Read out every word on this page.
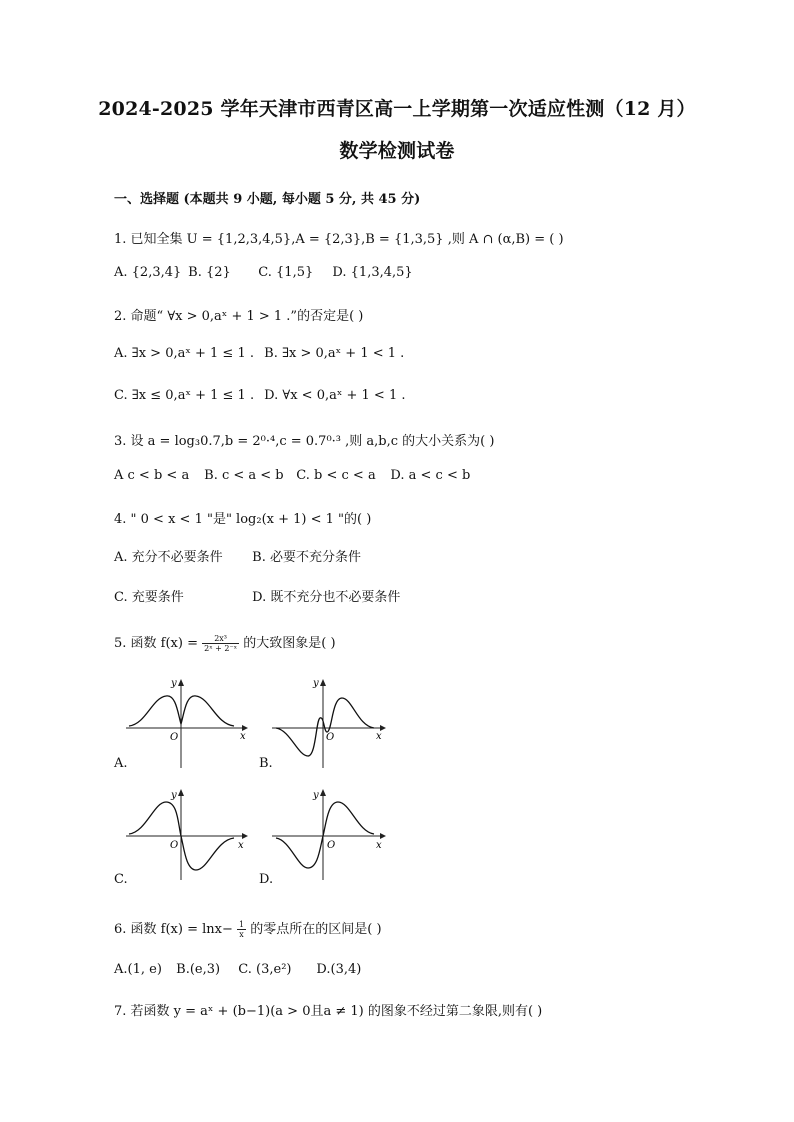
2024-2025 学年天津市西青区高一上学期第一次适应性测（12 月）
数学检测试卷
一、选择题 (本题共 9 小题, 每小题 5 分, 共 45 分)
1. 已知全集 U = {1,2,3,4,5},A = {2,3},B = {1,3,5} ,则 A ∩ (α,B) = ( )
A. {2,3,4} B. {2} C. {1,5} D. {1,3,4,5}
2. 命题“ ∀x > 0,aˣ + 1 > 1 .”的否定是( )
A. ∃x > 0,aˣ + 1 ≤ 1 . B. ∃x > 0,aˣ + 1 < 1 .
C. ∃x ≤ 0,aˣ + 1 ≤ 1 . D. ∀x < 0,aˣ + 1 < 1 .
3. 设 a = log₃0.7,b = 2⁰·⁴,c = 0.7⁰·³ ,则 a,b,c 的大小关系为( )
A c < b < a B. c < a < b C. b < c < a D. a < c < b
4. " 0 < x < 1 "是" log₂(x + 1) < 1 "的( )
A. 充分不必要条件 B. 必要不充分条件
C. 充要条件	D. 既不充分也不必要条件
5. 函数 $f(x) = \frac{\text{2x³}}{\text{2ˣ + 2⁻ˣ}}$ 的大致图象是( )
y
O	x
A.
y
O	x
B.
y
O	x
C.
y
O	x
D.
6. 函数 $f(x) = \ln x- \frac{1}{x}$ 的零点所在的区间是( )
A.(1, e) B.(e,3) C. (3,e²) D.(3,4)
7. 若函数 y = aˣ + (b−1)(a > 0且a ≠ 1) 的图象不经过第二象限,则有( )
